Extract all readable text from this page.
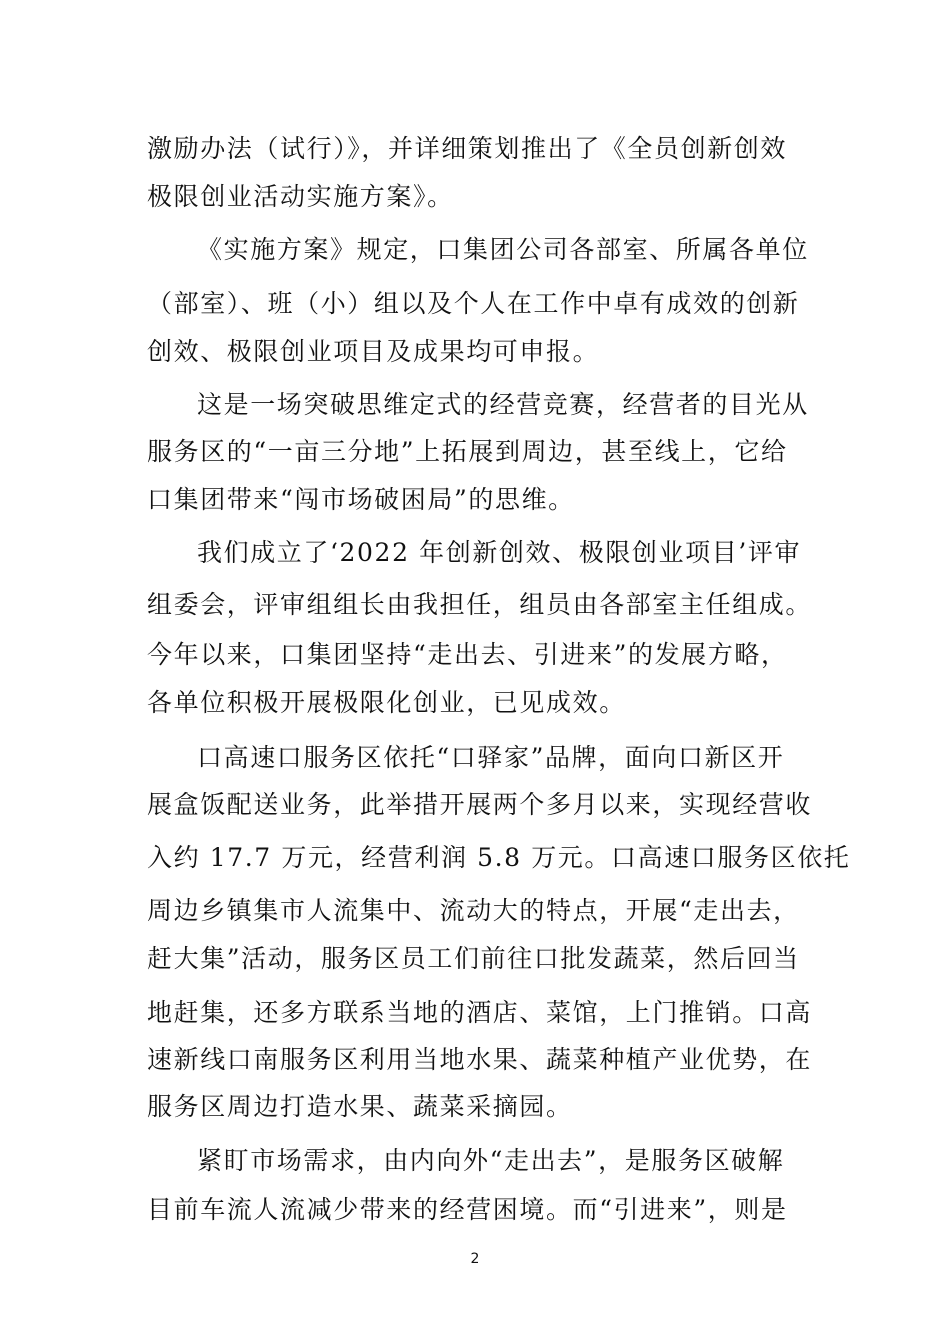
激励办法（试行）》，并详细策划推出了《全员创新创效
极限创业活动实施方案》。
《实施方案》规定，口集团公司各部室、所属各单位
（部室）、班（小）组以及个人在工作中卓有成效的创新
创效、极限创业项目及成果均可申报。
这是一场突破思维定式的经营竞赛，经营者的目光从
服务区的“一亩三分地”上拓展到周边，甚至线上，它给
口集团带来“闯市场破困局”的思维。
我们成立了‘2022 年创新创效、极限创业项目’评审
组委会，评审组组长由我担任，组员由各部室主任组成。
今年以来，口集团坚持“走出去、引进来”的发展方略，
各单位积极开展极限化创业，已见成效。
口高速口服务区依托“口驿家”品牌，面向口新区开
展盒饭配送业务，此举措开展两个多月以来，实现经营收
入约 17.7 万元，经营利润 5.8 万元。口高速口服务区依托
周边乡镇集市人流集中、流动大的特点，开展“走出去，
赶大集”活动，服务区员工们前往口批发蔬菜，然后回当
地赶集，还多方联系当地的酒店、菜馆，上门推销。口高
速新线口南服务区利用当地水果、蔬菜种植产业优势，在
服务区周边打造水果、蔬菜采摘园。
紧盯市场需求，由内向外“走出去”，是服务区破解
目前车流人流减少带来的经营困境。而“引进来”，则是
2
